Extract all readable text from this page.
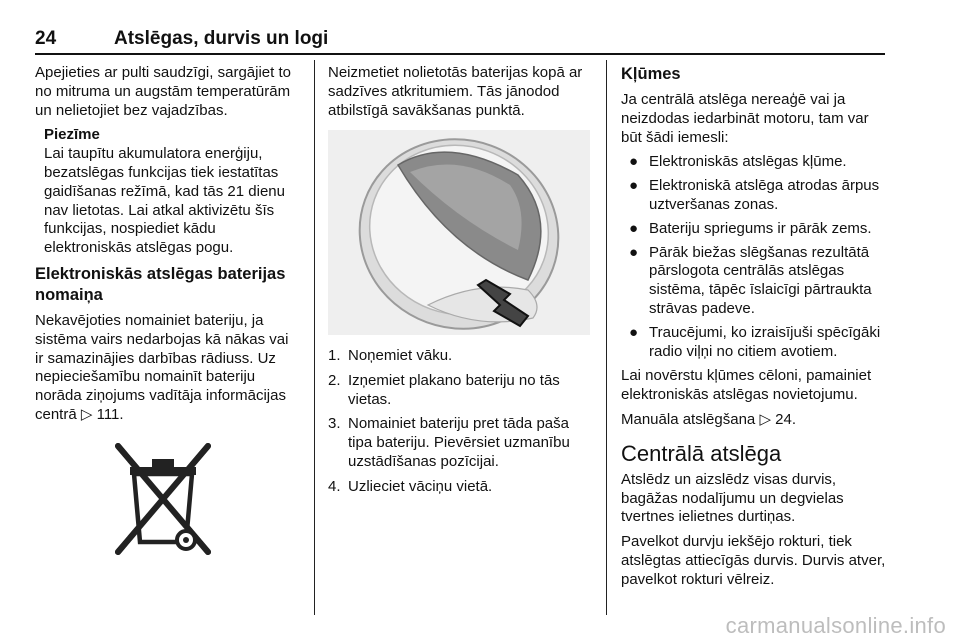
24	Atslēgas, durvis un logi

Apejieties ar pulti saudzīgi, sargājiet to no mitruma un augstām temperatūrām un nelietojiet bez vajadzības.

Piezīme

Lai taupītu akumulatora enerģiju, bezatslēgas funkcijas tiek iestatītas gaidīšanas režīmā, kad tās 21 dienu nav lietotas. Lai atkal aktivizētu šīs funkcijas, nospiediet kādu elektroniskās atslēgas pogu.

Elektroniskās atslēgas baterijas nomaiņa

Nekavējoties nomainiet bateriju, ja sistēma vairs nedarbojas kā nākas vai ir samazinājies darbības rādiuss. Uz nepieciešamību nomainīt bateriju norāda ziņojums vadītāja informācijas centrā ▷ 111.

Neizmetiet nolietotās baterijas kopā ar sadzīves atkritumiem. Tās jānodod atbilstīgā savākšanas punktā.

1. Noņemiet vāku.
2. Izņemiet plakano bateriju no tās vietas.
3. Nomainiet bateriju pret tāda paša tipa bateriju. Pievērsiet uzmanību uzstādīšanas pozīcijai.
4. Uzlieciet vāciņu vietā.
Kļūmes

Ja centrālā atslēga nereaģē vai ja neizdodas iedarbināt motoru, tam var būt šādi iemesli:

● Elektroniskās atslēgas kļūme.
● Elektroniskā atslēga atrodas ārpus uztveršanas zonas.
● Bateriju spriegums ir pārāk zems.
● Pārāk biežas slēgšanas rezultātā pārslogota centrālās atslēgas sistēma, tāpēc īslaicīgi pārtraukta strāvas padeve.
● Traucējumi, ko izraisījuši spēcīgāki radio viļņi no citiem avotiem.

Lai novērstu kļūmes cēloni, pamainiet elektroniskās atslēgas novietojumu.

Manuāla atslēgšana ▷ 24.

Centrālā atslēga

Atslēdz un aizslēdz visas durvis, bagāžas nodalījumu un degvielas tvertnes ielietnes durtiņas.

Pavelkot durvju iekšējo rokturi, tiek atslēgtas attiecīgās durvis. Durvis atver, pavelkot rokturi vēlreiz.

carmanualsonline.info
